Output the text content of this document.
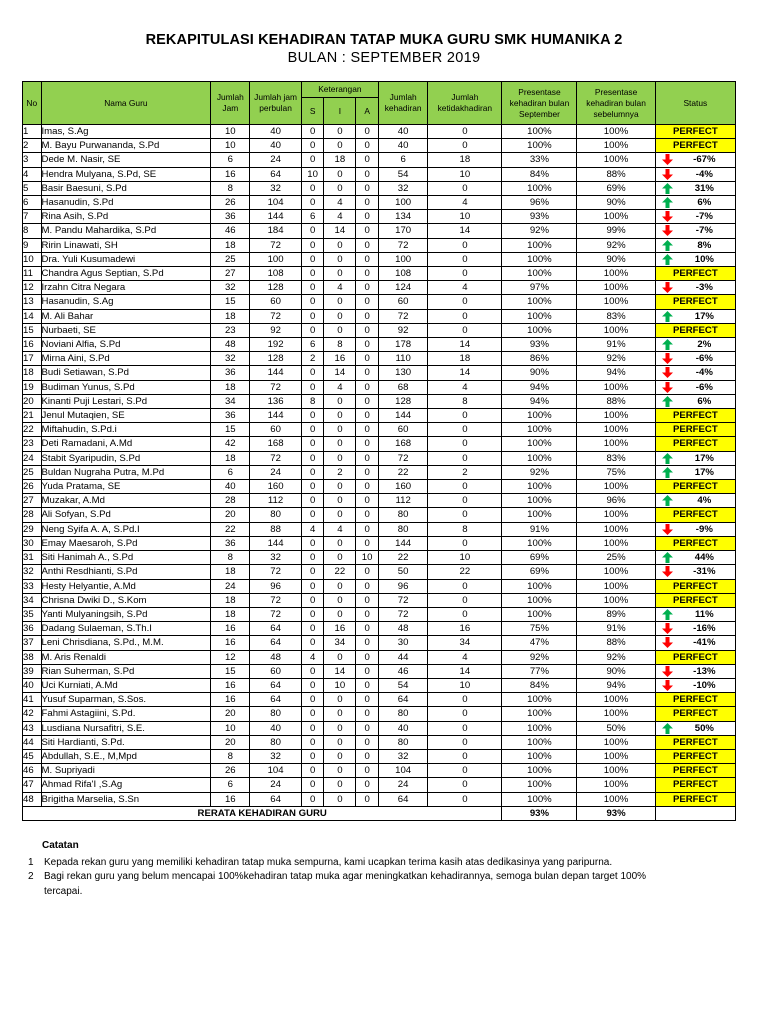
REKAPITULASI KEHADIRAN TATAP MUKA GURU SMK HUMANIKA 2
BULAN : SEPTEMBER 2019
No	Nama Guru	Jumlah Jam	Jumlah jam perbulan	Keterangan			Jumlah kehadiran	Jumlah ketidakhadiran	Presentase kehadiran bulan September	Presentase kehadiran bulan sebelumnya	Status
				S	I	A					
1	Imas, S.Ag	10	40	0	0	0	40	0	100%	100%	PERFECT
2	M. Bayu Purwananda, S.Pd	10	40	0	0	0	40	0	100%	100%	PERFECT
3	Dede M. Nasir, SE	6	24	0	18	0	6	18	33%	100%	-67%
4	Hendra Mulyana, S.Pd, SE	16	64	10	0	0	54	10	84%	88%	-4%
5	Basir Baesuni, S.Pd	8	32	0	0	0	32	0	100%	69%	31%
6	Hasanudin, S.Pd	26	104	0	4	0	100	4	96%	90%	6%
7	Rina Asih, S.Pd	36	144	6	4	0	134	10	93%	100%	-7%
8	M. Pandu Mahardika, S.Pd	46	184	0	14	0	170	14	92%	99%	-7%
9	Ririn Linawati, SH	18	72	0	0	0	72	0	100%	92%	8%
10	Dra. Yuli Kusumadewi	25	100	0	0	0	100	0	100%	90%	10%
11	Chandra Agus Septian, S.Pd	27	108	0	0	0	108	0	100%	100%	PERFECT
12	Irzahn Citra Negara	32	128	0	4	0	124	4	97%	100%	-3%
13	Hasanudin, S.Ag	15	60	0	0	0	60	0	100%	100%	PERFECT
14	M. Ali Bahar	18	72	0	0	0	72	0	100%	83%	17%
15	Nurbaeti, SE	23	92	0	0	0	92	0	100%	100%	PERFECT
16	Noviani Alfia, S.Pd	48	192	6	8	0	178	14	93%	91%	2%
17	Mirna Aini, S.Pd	32	128	2	16	0	110	18	86%	92%	-6%
18	Budi Setiawan, S.Pd	36	144	0	14	0	130	14	90%	94%	-4%
19	Budiman Yunus, S.Pd	18	72	0	4	0	68	4	94%	100%	-6%
20	Kinanti Puji Lestari, S.Pd	34	136	8	0	0	128	8	94%	88%	6%
21	Jenul Mutaqien, SE	36	144	0	0	0	144	0	100%	100%	PERFECT
22	Miftahudin, S.Pd.i	15	60	0	0	0	60	0	100%	100%	PERFECT
23	Deti Ramadani, A.Md	42	168	0	0	0	168	0	100%	100%	PERFECT
24	Stabit Syaripudin, S.Pd	18	72	0	0	0	72	0	100%	83%	17%
25	Buldan Nugraha Putra, M.Pd	6	24	0	2	0	22	2	92%	75%	17%
26	Yuda Pratama, SE	40	160	0	0	0	160	0	100%	100%	PERFECT
27	Muzakar, A.Md	28	112	0	0	0	112	0	100%	96%	4%
28	Ali Sofyan, S.Pd	20	80	0	0	0	80	0	100%	100%	PERFECT
29	Neng Syifa A. A, S.Pd.I	22	88	4	4	0	80	8	91%	100%	-9%
30	Emay Maesaroh, S.Pd	36	144	0	0	0	144	0	100%	100%	PERFECT
31	Siti Hanimah A., S.Pd	8	32	0	0	10	22	10	69%	25%	44%
32	Anthi Resdhianti, S.Pd	18	72	0	22	0	50	22	69%	100%	-31%
33	Hesty Helyantie, A.Md	24	96	0	0	0	96	0	100%	100%	PERFECT
34	Chrisna Dwiki D., S.Kom	18	72	0	0	0	72	0	100%	100%	PERFECT
35	Yanti Mulyaningsih, S.Pd	18	72	0	0	0	72	0	100%	89%	11%
36	Dadang Sulaeman, S.Th.I	16	64	0	16	0	48	16	75%	91%	-16%
37	Leni Chrisdiana, S.Pd., M.M.	16	64	0	34	0	30	34	47%	88%	-41%
38	M. Aris Renaldi	12	48	4	0	0	44	4	92%	92%	PERFECT
39	Rian Suherman, S.Pd	15	60	0	14	0	46	14	77%	90%	-13%
40	Uci Kurniati, A.Md	16	64	0	10	0	54	10	84%	94%	-10%
41	Yusuf Suparman, S.Sos.	16	64	0	0	0	64	0	100%	100%	PERFECT
42	Fahmi Astagiini, S.Pd.	20	80	0	0	0	80	0	100%	100%	PERFECT
43	Lusdiana Nursafitri, S.E.	10	40	0	0	0	40	0	100%	50%	50%
44	Siti Hardianti, S.Pd.	20	80	0	0	0	80	0	100%	100%	PERFECT
45	Abdullah, S.E., M,Mpd	8	32	0	0	0	32	0	100%	100%	PERFECT
46	M. Supriyadi	26	104	0	0	0	104	0	100%	100%	PERFECT
47	Ahmad Rifa'I ,S.Ag	6	24	0	0	0	24	0	100%	100%	PERFECT
48	Brigitha Marselia, S.Sn	16	64	0	0	0	64	0	100%	100%	PERFECT
RERATA KEHADIRAN GURU									93%	93%	
Catatan
1 Kepada rekan guru yang memiliki kehadiran tatap muka sempurna, kami ucapkan terima kasih atas dedikasinya yang paripurna.
2 Bagi rekan guru yang belum mencapai 100%kehadiran tatap muka agar meningkatkan kehadirannya, semoga bulan depan target 100% tercapai.
